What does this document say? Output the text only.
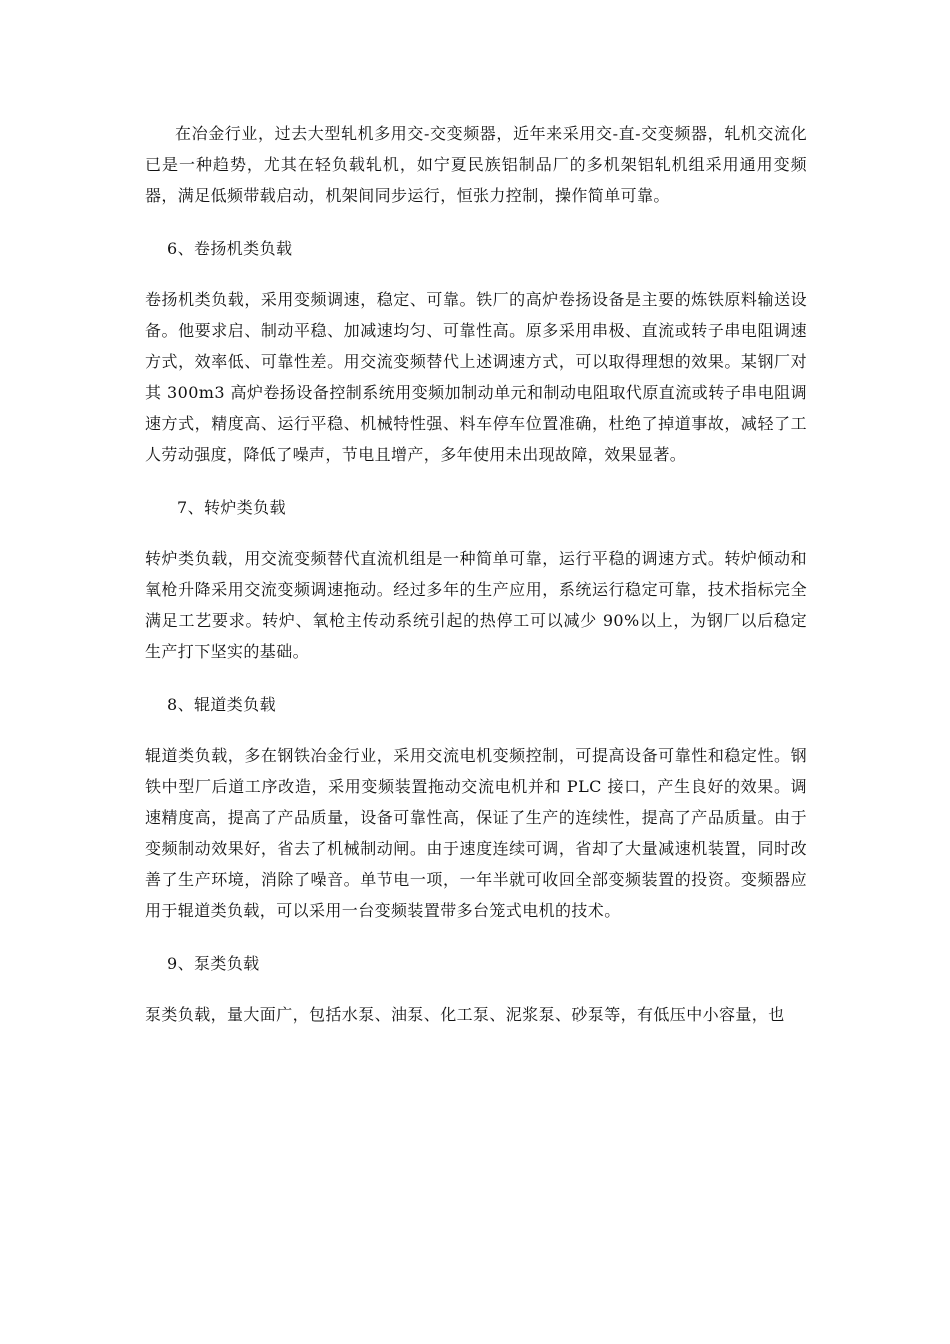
在冶金行业，过去大型轧机多用交-交变频器，近年来采用交-直-交变频器，轧机交流化已是一种趋势，尤其在轻负载轧机，如宁夏民族铝制品厂的多机架铝轧机组采用通用变频器，满足低频带载启动，机架间同步运行，恒张力控制，操作简单可靠。

6、卷扬机类负载

卷扬机类负载，采用变频调速，稳定、可靠。铁厂的高炉卷扬设备是主要的炼铁原料输送设备。他要求启、制动平稳、加减速均匀、可靠性高。原多采用串极、直流或转子串电阻调速方式，效率低、可靠性差。用交流变频替代上述调速方式，可以取得理想的效果。某钢厂对其 300m3 高炉卷扬设备控制系统用变频加制动单元和制动电阻取代原直流或转子串电阻调速方式，精度高、运行平稳、机械特性强、料车停车位置准确，杜绝了掉道事故，减轻了工人劳动强度，降低了噪声，节电且增产，多年使用未出现故障，效果显著。

7、转炉类负载

转炉类负载，用交流变频替代直流机组是一种简单可靠，运行平稳的调速方式。转炉倾动和氧枪升降采用交流变频调速拖动。经过多年的生产应用，系统运行稳定可靠，技术指标完全满足工艺要求。转炉、氧枪主传动系统引起的热停工可以减少 90%以上，为钢厂以后稳定生产打下坚实的基础。

8、辊道类负载

辊道类负载，多在钢铁冶金行业，采用交流电机变频控制，可提高设备可靠性和稳定性。钢铁中型厂后道工序改造，采用变频装置拖动交流电机并和 PLC 接口，产生良好的效果。调速精度高，提高了产品质量，设备可靠性高，保证了生产的连续性，提高了产品质量。由于变频制动效果好，省去了机械制动闸。由于速度连续可调，省却了大量减速机装置，同时改善了生产环境，消除了噪音。单节电一项，一年半就可收回全部变频装置的投资。变频器应用于辊道类负载，可以采用一台变频装置带多台笼式电机的技术。

9、泵类负载

泵类负载，量大面广，包括水泵、油泵、化工泵、泥浆泵、砂泵等，有低压中小容量，也
